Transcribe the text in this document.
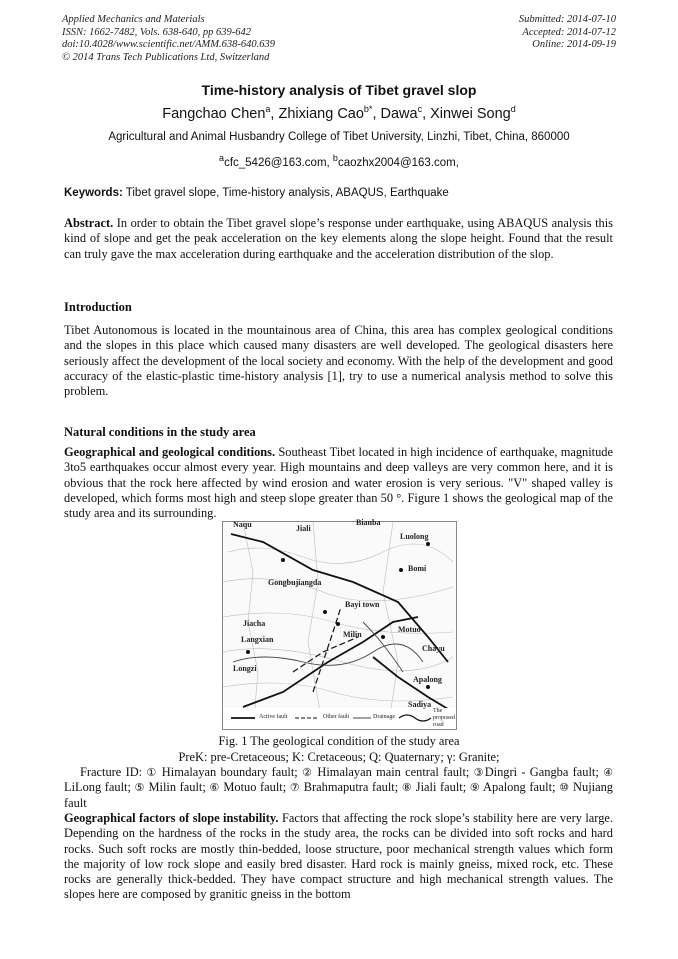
Applied Mechanics and Materials
ISSN: 1662-7482, Vols. 638-640, pp 639-642
doi:10.4028/www.scientific.net/AMM.638-640.639
© 2014 Trans Tech Publications Ltd, Switzerland
Submitted: 2014-07-10
Accepted: 2014-07-12
Online: 2014-09-19
Time-history analysis of Tibet gravel slop
Fangchao Chen$^a$, Zhixiang Cao$^{b*}$, Dawa$^c$, Xinwei Song$^d$
Agricultural and Animal Husbandry College of Tibet University, Linzhi, Tibet, China, 860000
$^a$cfc_5426@163.com, $^b$caozhx2004@163.com,
Keywords: Tibet gravel slope, Time-history analysis, ABAQUS, Earthquake
Abstract. In order to obtain the Tibet gravel slope’s response under earthquake, using ABAQUS analysis this kind of slope and get the peak acceleration on the key elements along the slope height. Found that the result can truly gave the max acceleration during earthquake and the acceleration distribution of the slop.
Introduction
Tibet Autonomous is located in the mountainous area of China, this area has complex geological conditions and the slopes in this place which caused many disasters are well developed. The geological disasters here seriously affect the development of the local society and economy. With the help of the development and good accuracy of the elastic-plastic time-history analysis [1], try to use a numerical analysis method to solve this problem.
Natural conditions in the study area
Geographical and geological conditions. Southeast Tibet located in high incidence of earthquake, magnitude 3to5 earthquakes occur almost every year. High mountains and deep valleys are very common here, and it is obvious that the rock here affected by wind erosion and water erosion is very serious. "V" shaped valley is developed, which forms most high and steep slope greater than 50 °. Figure 1 shows the geological map of the study area and its surrounding.
Naqu	Bianba
Jiali
Luolong
Bomi
Gongbujiangda
Bayi town
Milin
Motuo
Jiacha
Langxian
Chayu
Longzi
Apalong
Sadiya
Active fault	Other fault	Drainage
The proposed road
Fig. 1 The geological condition of the study area
PreK: pre-Cretaceous; K: Cretaceous; Q: Quaternary; γ: Granite;
Fracture ID: ① Himalayan boundary fault; ② Himalayan main central fault; ③Dingri - Gangba fault; ④ LiLong fault; ⑤ Milin fault; ⑥ Motuo fault; ⑦ Brahmaputra fault; ⑧ Jiali fault; ⑨ Apalong fault; ⑩ Nujiang fault
Geographical factors of slope instability. Factors that affecting the rock slope’s stability here are very large. Depending on the hardness of the rocks in the study area, the rocks can be divided into soft rocks and hard rocks. Such soft rocks are mostly thin-bedded, loose structure, poor mechanical strength values which form the majority of low rock slope and easily bred disaster. Hard rock is mainly gneiss, mixed rock, etc. These rocks are generally thick-bedded. They have compact structure and high mechanical strength values. The slopes here are composed by granitic gneiss in the bottom
